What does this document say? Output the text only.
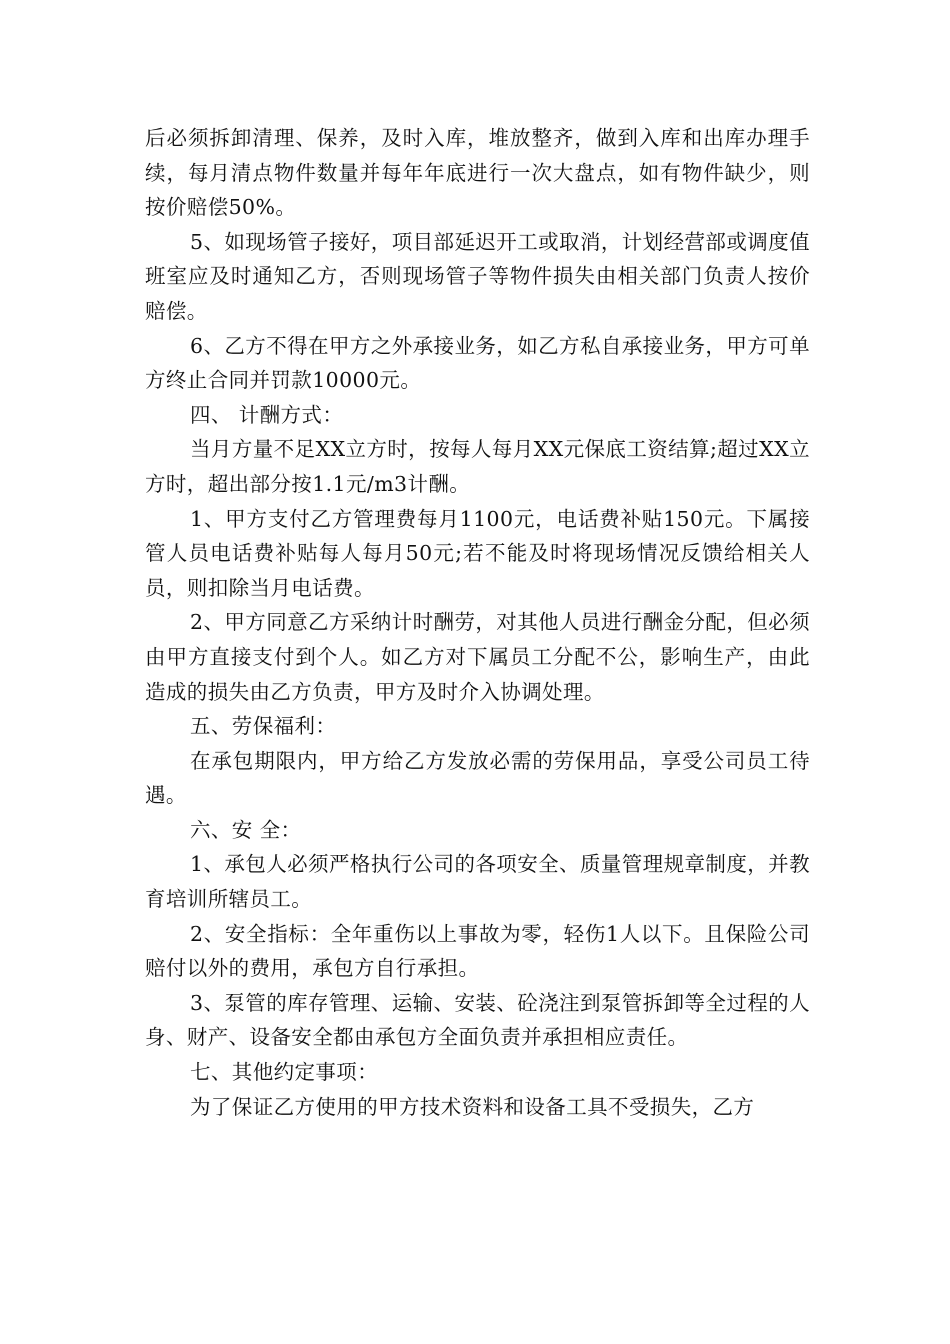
后必须拆卸清理、保养，及时入库，堆放整齐，做到入库和出库办理手续，每月清点物件数量并每年年底进行一次大盘点，如有物件缺少，则按价赔偿50%。

5、如现场管子接好，项目部延迟开工或取消，计划经营部或调度值班室应及时通知乙方，否则现场管子等物件损失由相关部门负责人按价赔偿。

6、乙方不得在甲方之外承接业务，如乙方私自承接业务，甲方可单方终止合同并罚款10000元。

四、 计酬方式：

当月方量不足XX立方时，按每人每月XX元保底工资结算;超过XX立方时，超出部分按1.1元/m3计酬。

1、甲方支付乙方管理费每月1100元，电话费补贴150元。下属接管人员电话费补贴每人每月50元;若不能及时将现场情况反馈给相关人员，则扣除当月电话费。

2、甲方同意乙方采纳计时酬劳，对其他人员进行酬金分配，但必须由甲方直接支付到个人。如乙方对下属员工分配不公，影响生产，由此造成的损失由乙方负责，甲方及时介入协调处理。

五、劳保福利：

在承包期限内，甲方给乙方发放必需的劳保用品，享受公司员工待遇。

六、安 全：

1、承包人必须严格执行公司的各项安全、质量管理规章制度，并教育培训所辖员工。

2、安全指标：全年重伤以上事故为零，轻伤1人以下。且保险公司赔付以外的费用，承包方自行承担。

3、泵管的库存管理、运输、安装、砼浇注到泵管拆卸等全过程的人身、财产、设备安全都由承包方全面负责并承担相应责任。

七、其他约定事项：

为了保证乙方使用的甲方技术资料和设备工具不受损失，乙方
